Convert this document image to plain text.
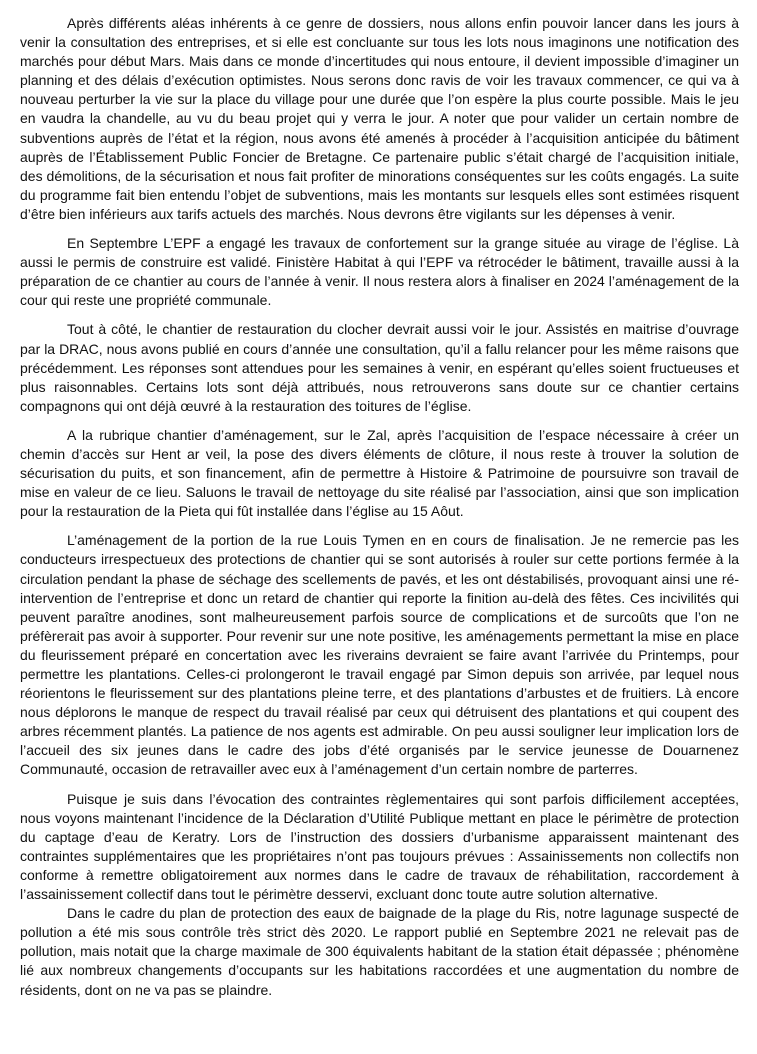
Après différents aléas inhérents à ce genre de dossiers, nous allons enfin pouvoir lancer dans les jours à venir la consultation des entreprises, et si elle est concluante sur tous les lots nous imaginons une notification des marchés pour début Mars. Mais dans ce monde d’incertitudes qui nous entoure, il devient impossible d’imaginer un planning et des délais d’exécution optimistes. Nous serons donc ravis de voir les travaux commencer, ce qui va à nouveau perturber la vie sur la place du village pour une durée que l’on espère la plus courte possible. Mais le jeu en vaudra la chandelle, au vu du beau projet qui y verra le jour. A noter que pour valider un certain nombre de subventions auprès de l’état et la région, nous avons été amenés à procéder à l’acquisition anticipée du bâtiment auprès de l’Établissement Public Foncier de Bretagne. Ce partenaire public s’était chargé de l’acquisition initiale, des démolitions, de la sécurisation et nous fait profiter de minorations conséquentes sur les coûts engagés. La suite du programme fait bien entendu l’objet de subventions, mais les montants sur lesquels elles sont estimées risquent d’être bien inférieurs aux tarifs actuels des marchés. Nous devrons être vigilants sur les dépenses à venir.

En Septembre L’EPF a engagé les travaux de confortement sur la grange située au virage de l’église. Là aussi le permis de construire est validé. Finistère Habitat à qui l’EPF va rétrocéder le bâtiment, travaille aussi à la préparation de ce chantier au cours de l’année à venir. Il nous restera alors à finaliser en 2024 l’aménagement de la cour qui reste une propriété communale.

Tout à côté, le chantier de restauration du clocher devrait aussi voir le jour. Assistés en maitrise d’ouvrage par la DRAC, nous avons publié en cours d’année une consultation, qu’il a fallu relancer pour les même raisons que précédemment. Les réponses sont attendues pour les semaines à venir, en espérant qu’elles soient fructueuses et plus raisonnables. Certains lots sont déjà attribués, nous retrouverons sans doute sur ce chantier certains compagnons qui ont déjà œuvré à la restauration des toitures de l’église.

A la rubrique chantier d’aménagement, sur le Zal, après l’acquisition de l’espace nécessaire à créer un chemin d’accès sur Hent ar veil, la pose des divers éléments de clôture, il nous reste à trouver la solution de sécurisation du puits, et son financement, afin de permettre à Histoire & Patrimoine de poursuivre son travail de mise en valeur de ce lieu. Saluons le travail de nettoyage du site réalisé par l’association, ainsi que son implication pour la restauration de la Pieta qui fût installée dans l’église au 15 Aôut.

L’aménagement de la portion de la rue Louis Tymen en en cours de finalisation. Je ne remercie pas les conducteurs irrespectueux des protections de chantier qui se sont autorisés à rouler sur cette portions fermée à la circulation pendant la phase de séchage des scellements de pavés, et les ont déstabilisés, provoquant ainsi une ré-intervention de l’entreprise et donc un retard de chantier qui reporte la finition au-delà des fêtes. Ces incivilités qui peuvent paraître anodines, sont malheureusement parfois source de complications et de surcoûts que l’on ne préfèrerait pas avoir à supporter. Pour revenir sur une note positive, les aménagements permettant la mise en place du fleurissement préparé en concertation avec les riverains devraient se faire avant l’arrivée du Printemps, pour permettre les plantations. Celles-ci prolongeront le travail engagé par Simon depuis son arrivée, par lequel nous réorientons le fleurissement sur des plantations pleine terre, et des plantations d’arbustes et de fruitiers. Là encore nous déplorons le manque de respect du travail réalisé par ceux qui détruisent des plantations et qui coupent des arbres récemment plantés. La patience de nos agents est admirable. On peu aussi souligner leur implication lors de l’accueil des six jeunes dans le cadre des jobs d’été organisés par le service jeunesse de Douarnenez Communauté, occasion de retravailler avec eux à l’aménagement d’un certain nombre de parterres.

Puisque je suis dans l’évocation des contraintes règlementaires qui sont parfois difficilement acceptées, nous voyons maintenant l’incidence de la Déclaration d’Utilité Publique mettant en place le périmètre de protection du captage d’eau de Keratry. Lors de l’instruction des dossiers d’urbanisme apparaissent maintenant des contraintes supplémentaires que les propriétaires n’ont pas toujours prévues : Assainissements non collectifs non conforme à remettre obligatoirement aux normes dans le cadre de travaux de réhabilitation, raccordement à l’assainissement collectif dans tout le périmètre desservi, excluant donc toute autre solution alternative.

Dans le cadre du plan de protection des eaux de baignade de la plage du Ris, notre lagunage suspecté de pollution a été mis sous contrôle très strict dès 2020. Le rapport publié en Septembre 2021 ne relevait pas de pollution, mais notait que la charge maximale de 300 équivalents habitant de la station était dépassée ; phénomène lié aux nombreux changements d’occupants sur les habitations raccordées et une augmentation du nombre de résidents, dont on ne va pas se plaindre.
